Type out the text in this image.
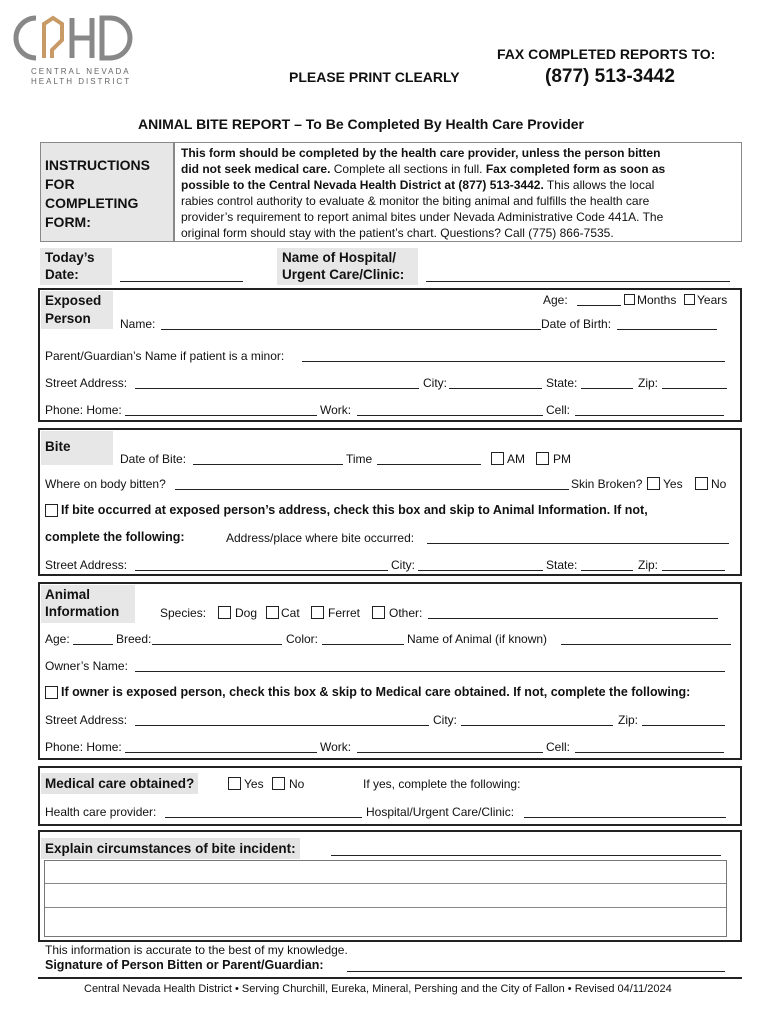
CENTRAL NEVADA
HEALTH DISTRICT	PLEASE PRINT CLEARLY
FAX COMPLETED REPORTS TO:
(877) 513-3442
ANIMAL BITE REPORT – To Be Completed By Health Care Provider
INSTRUCTIONS
FOR
COMPLETING
FORM:
This form should be completed by the health care provider, unless the person bitten
did not seek medical care. Complete all sections in full. Fax completed form as soon as
possible to the Central Nevada Health District at (877) 513-3442. This allows the local
rabies control authority to evaluate & monitor the biting animal and fulfills the health care
provider’s requirement to report animal bites under Nevada Administrative Code 441A. The
original form should stay with the patient’s chart. Questions? Call (775) 866-7535.
Today’s
Date:
Name of Hospital/
Urgent Care/Clinic:
Exposed
Person
Age:	Months Years
Name:	Date of Birth:
Parent/Guardian’s Name if patient is a minor:
Street Address:	City:	State:	Zip:
Phone: Home:	Work:	Cell:
Bite
Date of Bite:	Time	AM PM
Where on body bitten?	Skin Broken? Yes No
If bite occurred at exposed person’s address, check this box and skip to Animal Information. If not,
complete the following:	Address/place where bite occurred:
Street Address:	City:	State:	Zip:
Animal
Information	Species: Dog Cat Ferret Other:
Age:	Breed:	Color:	Name of Animal (if known)
Owner’s Name:
If owner is exposed person, check this box & skip to Medical care obtained. If not, complete the following:
Street Address:	City:	Zip:
Phone: Home:	Work:	Cell:
Medical care obtained?	Yes No	If yes, complete the following:
Health care provider:	Hospital/Urgent Care/Clinic:
Explain circumstances of bite incident:
This information is accurate to the best of my knowledge.
Signature of Person Bitten or Parent/Guardian:
Central Nevada Health District • Serving Churchill, Eureka, Mineral, Pershing and the City of Fallon • Revised 04/11/2024
